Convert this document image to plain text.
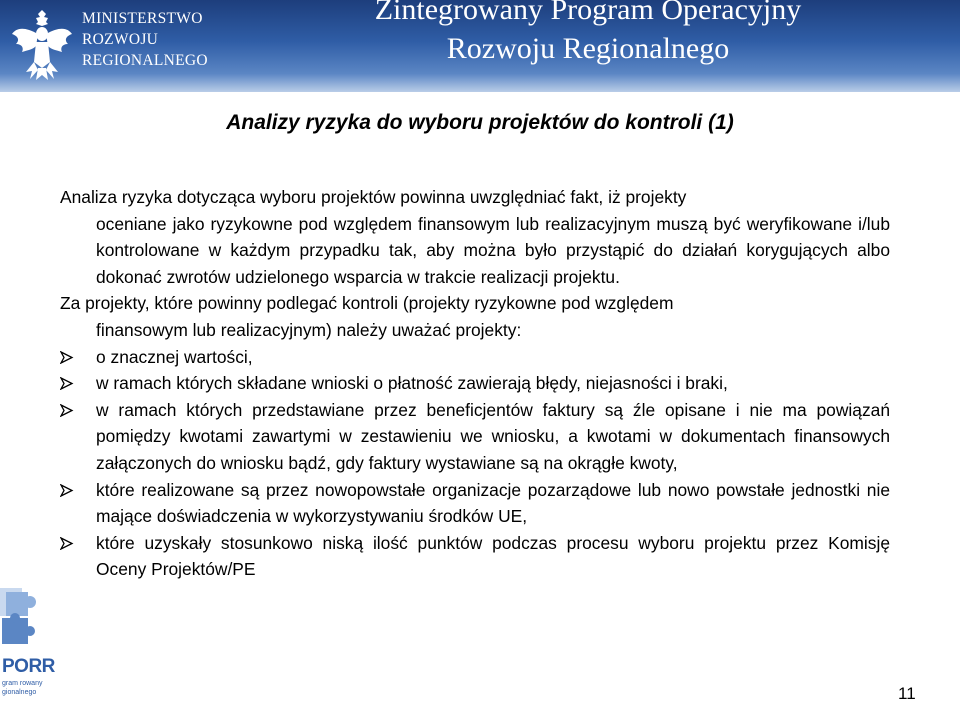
MINISTERSTWO
ROZWOJU
REGIONALNEGO
Zintegrowany Program Operacyjny
Rozwoju Regionalnego
Analizy ryzyka do wyboru projektów do kontroli (1)
Analiza ryzyka dotycząca wyboru projektów powinna uwzględniać fakt, iż projekty
oceniane jako ryzykowne pod względem finansowym lub realizacyjnym muszą być weryfikowane i/lub kontrolowane w każdym przypadku tak, aby można było przystąpić do działań korygujących albo dokonać zwrotów udzielonego wsparcia w trakcie realizacji projektu.
Za projekty, które powinny podlegać kontroli (projekty ryzykowne pod względem
finansowym lub realizacyjnym) należy uważać projekty:
o znacznej wartości,
w ramach których składane wnioski o płatność zawierają błędy, niejasności i braki,
w ramach których przedstawiane przez beneficjentów faktury są źle opisane i nie ma powiązań pomiędzy kwotami zawartymi w zestawieniu we wniosku, a kwotami w dokumentach finansowych załączonych do wniosku bądź, gdy faktury wystawiane są na okrągłe kwoty,
które realizowane są przez nowopowstałe organizacje pozarządowe lub nowo powstałe jednostki nie mające doświadczenia w wykorzystywaniu środków UE,
które uzyskały stosunkowo niską ilość punktów podczas procesu wyboru projektu przez Komisję Oceny Projektów/PE
PORR
gram rowany gionalnego	11
